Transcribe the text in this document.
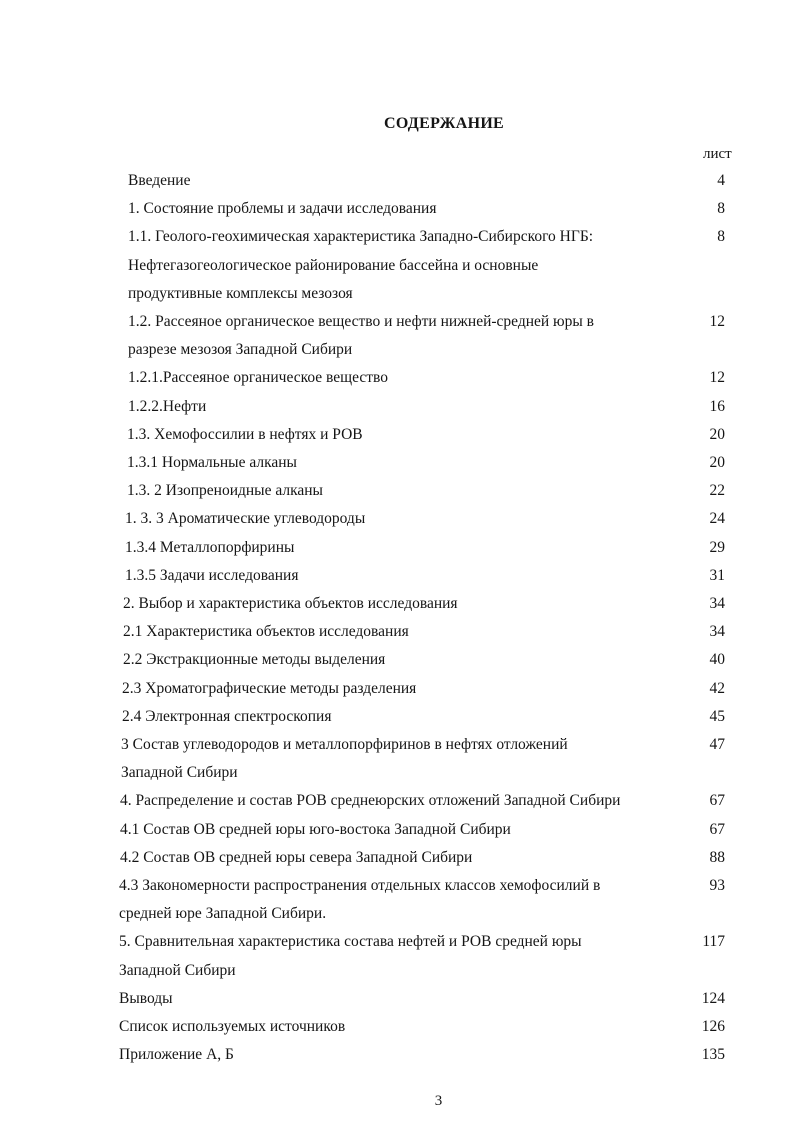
СОДЕРЖАНИЕ
лист
Введение	4
1. Состояние проблемы и задачи исследования	8
1.1. Геолого-геохимическая характеристика Западно-Сибирского НГБ:	8
Нефтегазогеологическое районирование бассейна и основные
продуктивные комплексы мезозоя
1.2. Рассеяное органическое вещество и нефти нижней-средней юры в	12
разрезе мезозоя Западной Сибири
1.2.1.Рассеяное органическое вещество	12
1.2.2.Нефти	16
1.3. Хемофоссилии в нефтях и РОВ	20
1.3.1 Нормальные алканы	20
1.3. 2 Изопреноидные алканы	22
1. 3. 3 Ароматические углеводороды	24
1.3.4 Металлопорфирины	29
1.3.5 Задачи исследования	31
2. Выбор и характеристика объектов исследования	34
2.1 Характеристика объектов исследования	34
2.2 Экстракционные методы выделения	40
2.3 Хроматографические методы разделения	42
2.4 Электронная спектроскопия	45
3 Состав углеводородов и металлопорфиринов в нефтях отложений	47
Западной Сибири
4. Распределение и состав РОВ среднеюрских отложений Западной Сибири	67
4.1 Состав ОВ средней юры юго-востока Западной Сибири	67
4.2 Состав ОВ средней юры севера Западной Сибири	88
4.3 Закономерности распространения отдельных классов хемофосилий в	93
средней юре Западной Сибири.
5. Сравнительная характеристика состава нефтей и РОВ средней юры	117
Западной Сибири
Выводы	124
Список используемых источников	126
Приложение А, Б	135
3
